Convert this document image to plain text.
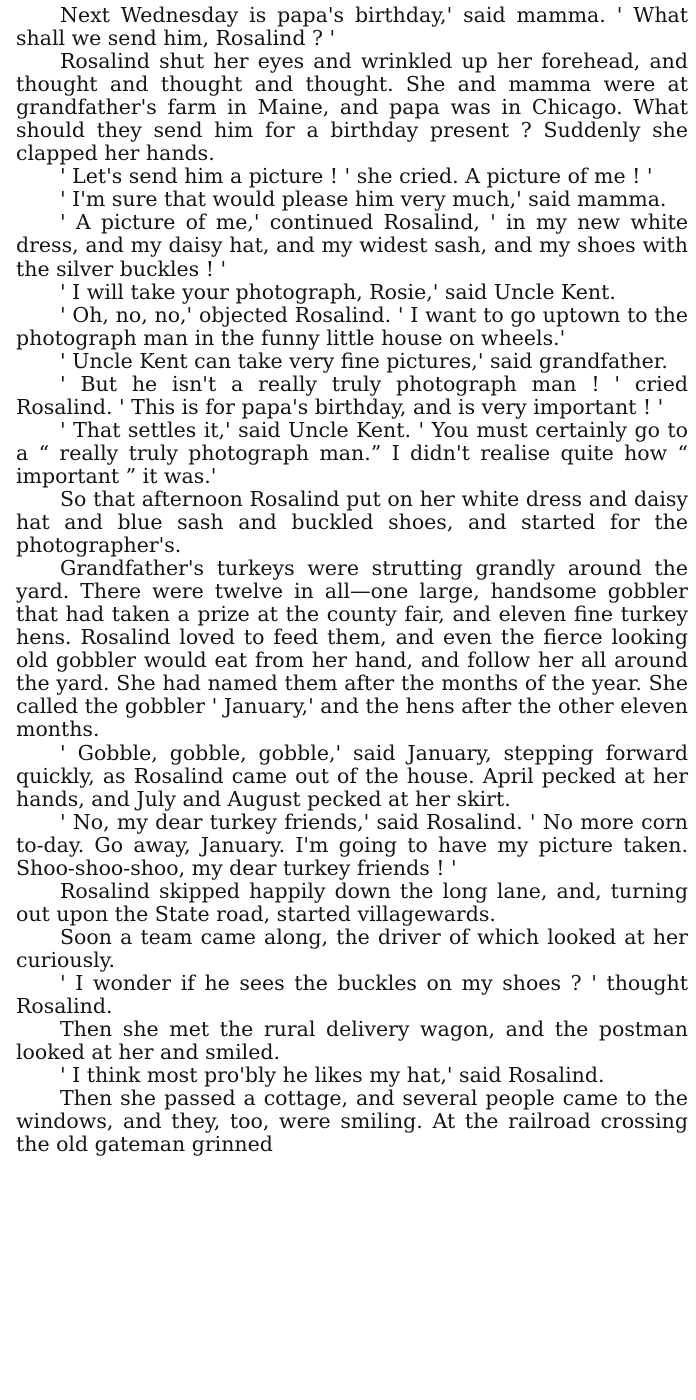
Next Wednesday is papa's birthday,' said mamma. ' What shall we send him, Rosalind ? '

Rosalind shut her eyes and wrinkled up her forehead, and thought and thought and thought. She and mamma were at grandfather's farm in Maine, and papa was in Chicago. What should they send him for a birthday present ? Suddenly she clapped her hands.

' Let's send him a picture ! ' she cried. A picture of me ! '

' I'm sure that would please him very much,' said mamma.

' A picture of me,' continued Rosalind, ' in my new white dress, and my daisy hat, and my widest sash, and my shoes with the silver buckles ! '

' I will take your photograph, Rosie,' said Uncle Kent.

' Oh, no, no,' objected Rosalind. ' I want to go uptown to the photograph man in the funny little house on wheels.'

' Uncle Kent can take very fine pictures,' said grandfather.

' But he isn't a really truly photograph man ! ' cried Rosalind. ' This is for papa's birthday, and is very important ! '

' That settles it,' said Uncle Kent. ' You must certainly go to a “ really truly photograph man.” I didn't realise quite how “ important ” it was.'

So that afternoon Rosalind put on her white dress and daisy hat and blue sash and buckled shoes, and started for the photographer's.

Grandfather's turkeys were strutting grandly around the yard. There were twelve in all—one large, handsome gobbler that had taken a prize at the county fair, and eleven fine turkey hens. Rosalind loved to feed them, and even the fierce looking old gobbler would eat from her hand, and follow her all around the yard. She had named them after the months of the year. She called the gobbler ' January,' and the hens after the other eleven months.

' Gobble, gobble, gobble,' said January, stepping forward quickly, as Rosalind came out of the house. April pecked at her hands, and July and August pecked at her skirt.

' No, my dear turkey friends,' said Rosalind. ' No more corn to-day. Go away, January. I'm going to have my picture taken. Shoo-shoo-shoo, my dear turkey friends ! '

Rosalind skipped happily down the long lane, and, turning out upon the State road, started villagewards.

Soon a team came along, the driver of which looked at her curiously.

' I wonder if he sees the buckles on my shoes ? ' thought Rosalind.

Then she met the rural delivery wagon, and the postman looked at her and smiled.

' I think most pro'bly he likes my hat,' said Rosalind.

Then she passed a cottage, and several people came to the windows, and they, too, were smiling. At the railroad crossing the old gateman grinned
